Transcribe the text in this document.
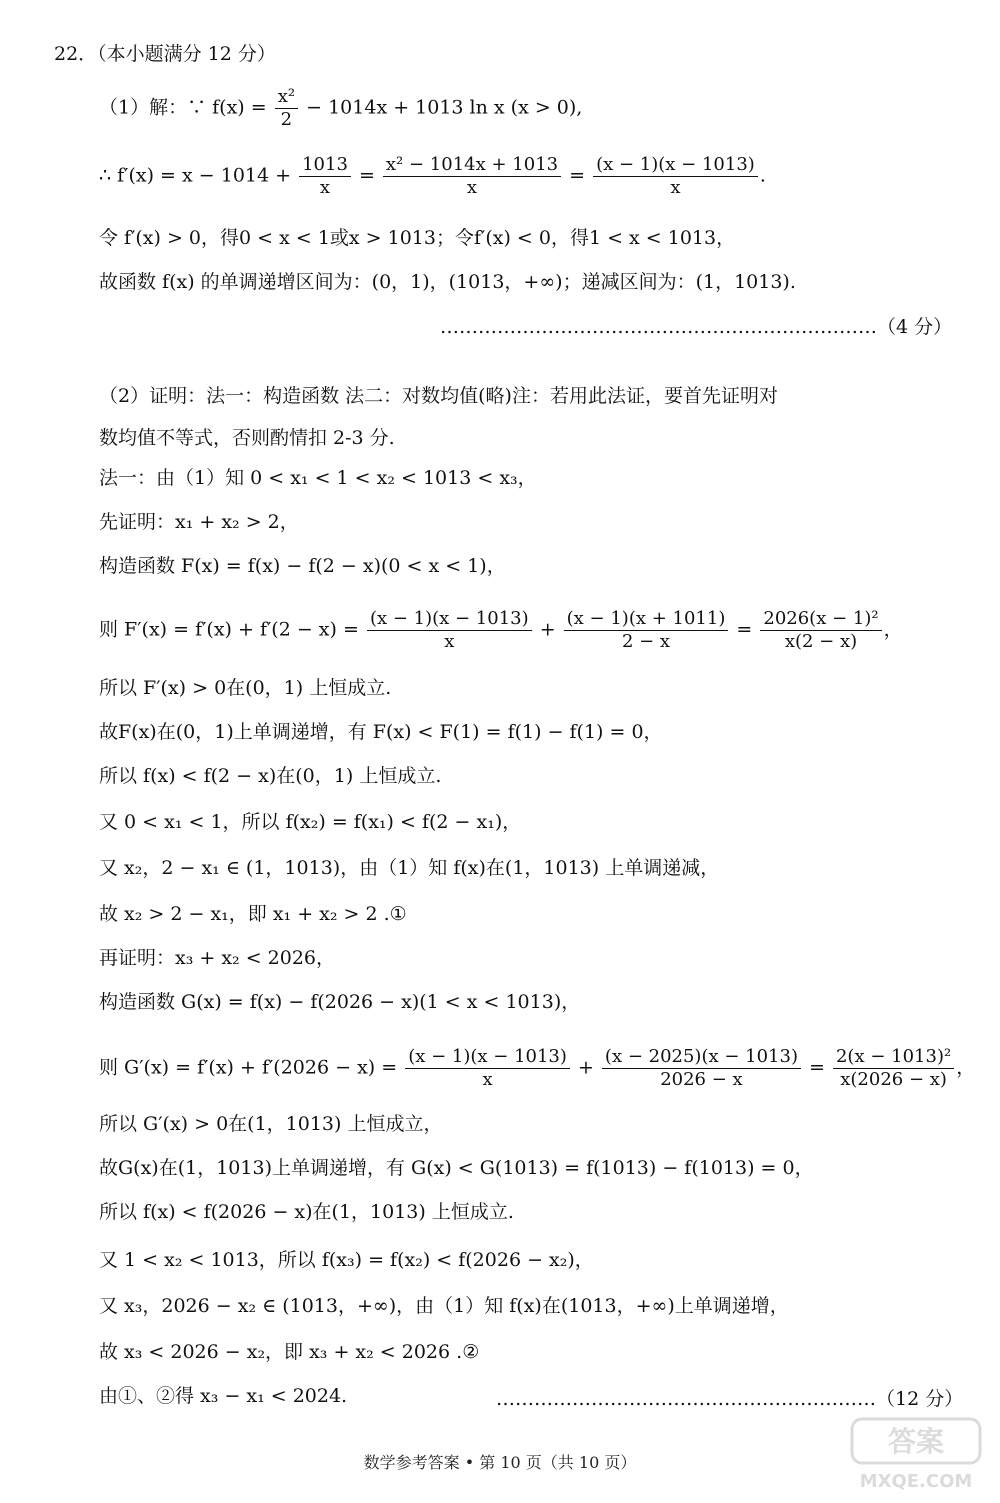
22．（本小题满分 12 分）
（1）解：∵ $f(x) = \frac{\text{x²}}{2} - 1014x + 1013$ ln x (x > 0),
∴ $f'(x) = x - 1014 + \frac{1013}{x} = \frac{\text{x² − 1014x + 1013}}{x} = \frac{(x - 1)(x - 1013)}{x}$ .
令 f′(x) > 0，得0 < x < 1或x > 1013；令f′(x) < 0，得1 < x < 1013，
故函数 f(x) 的单调递增区间为：(0，1)，(1013，+∞)；递减区间为：(1，1013).
……………………………………………………………（4 分）
（2）证明：法一：构造函数 法二：对数均值(略)注：若用此法证，要首先证明对
数均值不等式，否则酌情扣 2-3 分.
法一：由（1）知 0 < x₁ < 1 < x₂ < 1013 < x₃，
先证明：x₁ + x₂ > 2，
构造函数 F(x) = f(x) − f(2 − x)(0 < x < 1)，
则 $F'(x) = f'(x) + f'(2 - x) = \frac{(x - 1)(x - 1013)}{x} + \frac{(x - 1)(x + 1011)}{2 - x} = \frac{\text{2026(x − 1)²}}{x(2 - x)}$ ，
所以 F′(x) > 0在(0，1) 上恒成立.
故F(x)在(0，1)上单调递增，有 F(x) < F(1) = f(1) − f(1) = 0，
所以 f(x) < f(2 − x)在(0，1) 上恒成立.
又 0 < x₁ < 1，所以 f(x₂) = f(x₁) < f(2 − x₁)，
又 x₂，2 − x₁ ∈ (1，1013)，由（1）知 f(x)在(1，1013) 上单调递减，
故 x₂ > 2 − x₁，即 x₁ + x₂ > 2 .①
再证明：x₃ + x₂ < 2026，
构造函数 G(x) = f(x) − f(2026 − x)(1 < x < 1013)，
则 $G'(x) = f'(x) + f'(2026 - x) = \frac{(x - 1)(x - 1013)}{x} + \frac{(x - 2025)(x - 1013)}{2026 - x} = \frac{\text{2(x − 1013)²}}{x(2026 - x)}$ ，
所以 G′(x) > 0在(1，1013) 上恒成立，
故G(x)在(1，1013)上单调递增，有 G(x) < G(1013) = f(1013) − f(1013) = 0，
所以 f(x) < f(2026 − x)在(1，1013) 上恒成立.
又 1 < x₂ < 1013，所以 f(x₃) = f(x₂) < f(2026 − x₂)，
又 x₃，2026 − x₂ ∈ (1013，+∞)，由（1）知 f(x)在(1013，+∞)上单调递增，
故 x₃ < 2026 − x₂，即 x₃ + x₂ < 2026 .②
由①、②得 x₃ − x₁ < 2024.	……………………………………………………（12 分）
数学参考答案 • 第 10 页（共 10 页）
答案
MXQE.COM
